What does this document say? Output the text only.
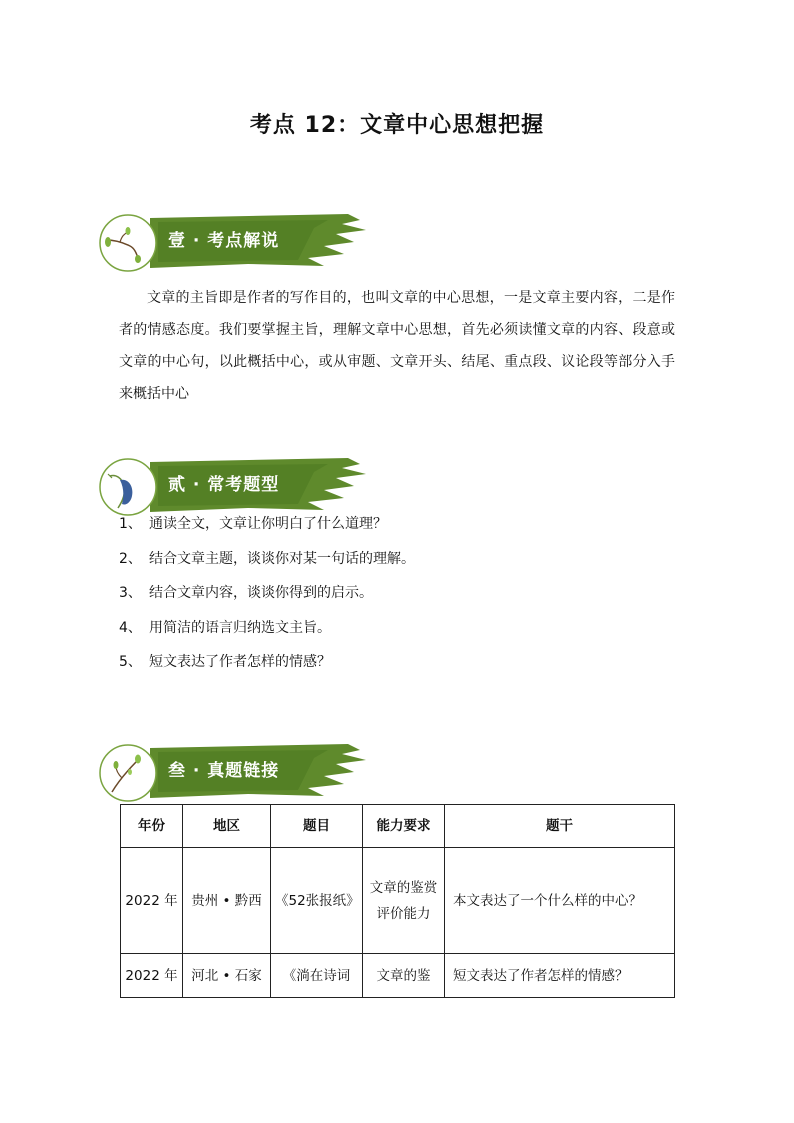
考点 12：文章中心思想把握
壹 · 考点解说

文章的主旨即是作者的写作目的，也叫文章的中心思想，一是文章主要内容，二是作者的情感态度。我们要掌握主旨，理解文章中心思想，首先必须读懂文章的内容、段意或文章的中心句，以此概括中心，或从审题、文章开头、结尾、重点段、议论段等部分入手来概括中心

贰 · 常考题型
1、 通读全文，文章让你明白了什么道理？
2、 结合文章主题，谈谈你对某一句话的理解。
3、 结合文章内容，谈谈你得到的启示。
4、 用简洁的语言归纳选文主旨。
5、 短文表达了作者怎样的情感？
叁 · 真题链接
年份	地区	题目	能力要求	题干
2022 年	贵州 • 黔西	《52张报纸》	文章的鉴赏评价能力	本文表达了一个什么样的中心？
2022 年	河北 • 石家	《淌在诗词	文章的鉴	短文表达了作者怎样的情感？
